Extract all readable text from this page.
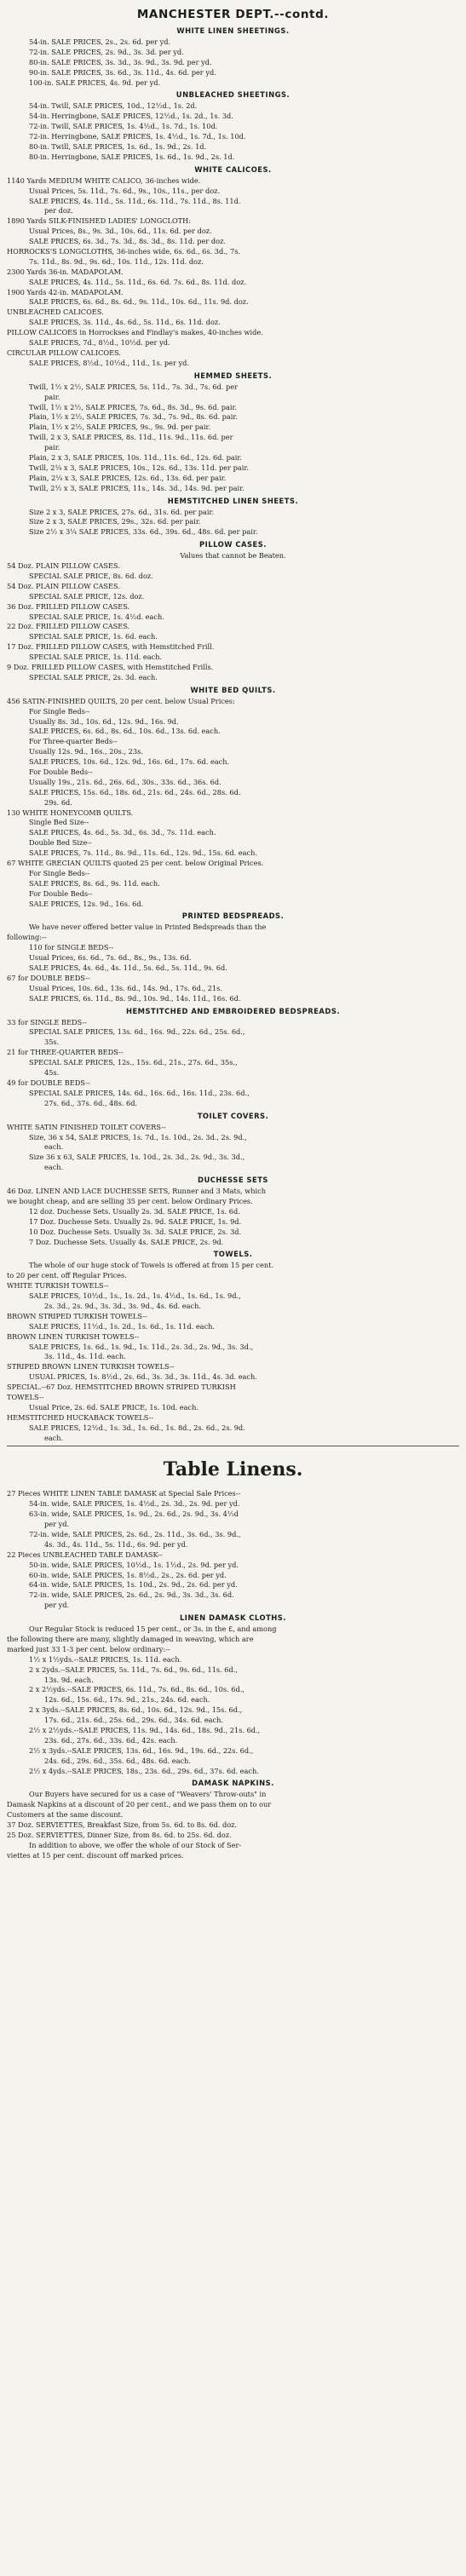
MANCHESTER DEPT.--contd.
WHITE LINEN SHEETINGS.
54-in. SALE PRICES, 2s., 2s. 6d. per yd.
72-in. SALE PRICES, 2s. 9d., 3s. 3d. per yd.
80-in. SALE PRICES, 3s. 3d., 3s. 9d., 3s. 9d. per yd.
90-in. SALE PRICES, 3s. 6d., 3s. 11d., 4s. 6d. per yd.
100-in. SALE PRICES, 4s. 9d. per yd.
UNBLEACHED SHEETINGS.
54-in. Twill, SALE PRICES, 10d., 12½d., 1s. 2d.
54-in. Herringbone, SALE PRICES, 12½d., 1s. 2d., 1s. 3d.
72-in. Twill, SALE PRICES, 1s. 4½d., 1s. 7d., 1s. 10d.
72-in. Herringbone, SALE PRICES, 1s. 4½d., 1s. 7d., 1s. 10d.
80-in. Twill, SALE PRICES, 1s. 6d., 1s. 9d., 2s. 1d.
80-in. Herringbone, SALE PRICES, 1s. 6d., 1s. 9d., 2s. 1d.
WHITE CALICOES.
1140 Yards MEDIUM WHITE CALICO, 36-inches wide.
Usual Prices, 5s. 11d., 7s. 6d., 9s., 10s., 11s., per doz.
SALE PRICES, 4s. 11d., 5s. 11d., 6s. 11d., 7s. 11d., 8s. 11d.
per doz.
1890 Yards SILK-FINISHED LADIES' LONGCLOTH:
Usual Prices, 8s., 9s. 3d., 10s. 6d., 11s. 6d. per doz.
SALE PRICES, 6s. 3d., 7s. 3d., 8s. 3d., 8s. 11d. per doz.
HORROCKS'S LONGCLOTHS, 36-inches wide, 6s. 6d., 6s. 3d., 7s.
7s. 11d., 8s. 9d., 9s. 6d., 10s. 11d., 12s. 11d. doz.
2300 Yards 36-in. MADAPOLAM.
SALE PRICES, 4s. 11d., 5s. 11d., 6s. 6d. 7s. 6d., 8s. 11d. doz.
1900 Yards 42-in. MADAPOLAM.
SALE PRICES, 6s. 6d., 8s. 6d., 9s. 11d., 10s. 6d., 11s. 9d. doz.
UNBLEACHED CALICOES.
SALE PRICES, 3s. 11d., 4s. 6d., 5s. 11d., 6s. 11d. doz.
PILLOW CALICOES in Horrockses and Findlay's makes, 40-inches wide.
SALE PRICES, 7d., 8½d., 10½d. per yd.
CIRCULAR PILLOW CALICOES.
SALE PRICES, 8½d., 10½d., 11d., 1s. per yd.
HEMMED SHEETS.
Twill, 1½ x 2½, SALE PRICES, 5s. 11d., 7s. 3d., 7s. 6d. per
pair.
Twill, 1½ x 2½, SALE PRICES, 7s. 6d., 8s. 3d., 9s. 6d. pair.
Plain, 1½ x 2½, SALE PRICES, 7s. 3d., 7s. 9d., 8s. 6d. pair.
Plain, 1½ x 2½, SALE PRICES, 9s., 9s. 9d. per pair.
Twill, 2 x 3, SALE PRICES, 8s. 11d., 11s. 9d., 11s. 6d. per
pair.
Plain, 2 x 3, SALE PRICES, 10s. 11d., 11s. 6d., 12s. 6d. pair.
Twill, 2¼ x 3, SALE PRICES, 10s., 12s. 6d., 13s. 11d. per pair.
Plain, 2¼ x 3, SALE PRICES, 12s. 6d., 13s. 6d. per pair.
Twill, 2½ x 3, SALE PRICES, 11s., 14s. 3d., 14s. 9d. per pair.
HEMSTITCHED LINEN SHEETS.
Size 2 x 3, SALE PRICES, 27s. 6d., 31s. 6d. per pair.
Size 2 x 3, SALE PRICES, 29s., 32s. 6d. per pair.
Size 2½ x 3¼ SALE PRICES, 33s. 6d., 39s. 6d., 48s. 6d. per pair.
PILLOW CASES.
Values that cannot be Beaten.
54 Doz. PLAIN PILLOW CASES.
SPECIAL SALE PRICE, 8s. 6d. doz.
54 Doz. PLAIN PILLOW CASES.
SPECIAL SALE PRICE, 12s. doz.
36 Doz. FRILLED PILLOW CASES.
SPECIAL SALE PRICE, 1s. 4½d. each.
22 Doz. FRILLED PILLOW CASES.
SPECIAL SALE PRICE, 1s. 6d. each.
17 Doz. FRILLED PILLOW CASES, with Hemstitched Frill.
SPECIAL SALE PRICE, 1s. 11d. each.
9 Doz. FRILLED PILLOW CASES, with Hemstitched Frills.
SPECIAL SALE PRICE, 2s. 3d. each.
WHITE BED QUILTS.
456 SATIN-FINISHED QUILTS, 20 per cent. below Usual Prices:
For Single Beds--
Usually 8s. 3d., 10s. 6d., 12s. 9d., 16s. 9d.
SALE PRICES, 6s. 6d., 8s. 6d., 10s. 6d., 13s. 6d. each.
For Three-quarter Beds--
Usually 12s. 9d., 16s., 20s., 23s.
SALE PRICES, 10s. 6d., 12s. 9d., 16s. 6d., 17s. 6d. each.
For Double Beds--
Usually 19s., 21s. 6d., 26s. 6d., 30s., 33s. 6d., 36s. 6d.
SALE PRICES, 15s. 6d., 18s. 6d., 21s. 6d., 24s. 6d., 28s. 6d.
29s. 6d.
130 WHITE HONEYCOMB QUILTS.
Single Bed Size--
SALE PRICES, 4s. 6d., 5s. 3d., 6s. 3d., 7s. 11d. each.
Double Bed Size--
SALE PRICES, 7s. 11d., 8s. 9d., 11s. 6d., 12s. 9d., 15s. 6d. each.
67 WHITE GRECIAN QUILTS quoted 25 per cent. below Original Prices.
For Single Beds--
SALE PRICES, 8s. 6d., 9s. 11d. each.
For Double Beds--
SALE PRICES, 12s. 9d., 16s. 6d.
PRINTED BEDSPREADS.
We have never offered better value in Printed Bedspreads than the
following:--
110 for SINGLE BEDS--
Usual Prices, 6s. 6d., 7s. 6d., 8s., 9s., 13s. 6d.
SALE PRICES, 4s. 6d., 4s. 11d., 5s. 6d., 5s. 11d., 9s. 6d.
67 for DOUBLE BEDS--
Usual Prices, 10s. 6d., 13s. 6d., 14s. 9d., 17s. 6d., 21s.
SALE PRICES, 6s. 11d., 8s. 9d., 10s. 9d., 14s. 11d., 16s. 6d.
HEMSTITCHED AND EMBROIDERED BEDSPREADS.
33 for SINGLE BEDS--
SPECIAL SALE PRICES, 13s. 6d., 16s. 9d., 22s. 6d., 25s. 6d.,
35s.
21 for THREE-QUARTER BEDS--
SPECIAL SALE PRICES, 12s., 15s. 6d., 21s., 27s. 6d., 35s.,
45s.
49 for DOUBLE BEDS--
SPECIAL SALE PRICES, 14s. 6d., 16s. 6d., 16s. 11d., 23s. 6d.,
27s. 6d., 37s. 6d., 48s. 6d.
TOILET COVERS.
WHITE SATIN FINISHED TOILET COVERS--
Size, 36 x 54, SALE PRICES, 1s. 7d., 1s. 10d., 2s. 3d., 2s. 9d.,
each.
Size 36 x 63, SALE PRICES, 1s. 10d., 2s. 3d., 2s. 9d., 3s. 3d.,
each.
DUCHESSE SETS
46 Doz. LINEN AND LACE DUCHESSE SETS, Runner and 3 Mats, which
we bought cheap, and are selling 35 per cent. below Ordinary Prices.
12 doz. Duchesse Sets. Usually 2s. 3d. SALE PRICE, 1s. 6d.
17 Doz. Duchesse Sets. Usually 2s. 9d. SALE PRICE, 1s. 9d.
10 Doz. Duchesse Sets. Usually 3s. 3d. SALE PRICE, 2s. 3d.
7 Doz. Duchesse Sets. Usually 4s. SALE PRICE, 2s. 9d.
TOWELS.
The whole of our huge stock of Towels is offered at from 15 per cent.
to 20 per cent. off Regular Prices.
WHITE TURKISH TOWELS--
SALE PRICES, 10½d., 1s., 1s. 2d., 1s. 4½d., 1s. 6d., 1s. 9d.,
2s. 3d., 2s. 9d., 3s. 3d., 3s. 9d., 4s. 6d. each.
BROWN STRIPED TURKISH TOWELS--
SALE PRICES, 11½d., 1s. 2d., 1s. 6d., 1s. 11d. each.
BROWN LINEN TURKISH TOWELS--
SALE PRICES, 1s. 6d., 1s. 9d., 1s. 11d., 2s. 3d., 2s. 9d., 3s. 3d.,
3s. 11d., 4s. 11d. each.
STRIPED BROWN LINEN TURKISH TOWELS--
USUAL PRICES, 1s. 8½d., 2s. 6d., 3s. 3d., 3s. 11d., 4s. 3d. each.
SPECIAL.--67 Doz. HEMSTITCHED BROWN STRIPED TURKISH
TOWELS--
Usual Price, 2s. 6d. SALE PRICE, 1s. 10d. each.
HEMSTITCHED HUCKABACK TOWELS--
SALE PRICES, 12½d., 1s. 3d., 1s. 6d., 1s. 8d., 2s. 6d., 2s. 9d.
each.
Table Linens.
27 Pieces WHITE LINEN TABLE DAMASK at Special Sale Prices--
54-in. wide, SALE PRICES, 1s. 4½d., 2s. 3d., 2s. 9d. per yd.
63-in. wide, SALE PRICES, 1s. 9d., 2s. 6d., 2s. 9d., 3s. 4½d
per yd.
72-in. wide, SALE PRICES, 2s. 6d., 2s. 11d., 3s. 6d., 3s. 9d.,
4s. 3d., 4s. 11d., 5s. 11d., 6s. 9d. per yd.
22 Pieces UNBLEACHED TABLE DAMASK--
50-in. wide, SALE PRICES, 10½d., 1s. 1½d., 2s. 9d. per yd.
60-in. wide, SALE PRICES, 1s. 8½d., 2s., 2s. 6d. per yd.
64-in. wide, SALE PRICES, 1s. 10d., 2s. 9d., 2s. 6d. per yd.
72-in. wide, SALE PRICES, 2s. 6d., 2s. 9d., 3s. 3d., 3s. 6d.
per yd.
LINEN DAMASK CLOTHS.
Our Regular Stock is reduced 15 per cent., or 3s. in the £, and among
the following there are many, slightly damaged in weaving, which are
marked just 33 1-3 per cent. below ordinary:--
1½ x 1½yds.--SALE PRICES, 1s. 11d. each.
2 x 2yds.--SALE PRICES, 5s. 11d., 7s. 6d., 9s. 6d., 11s. 6d.,
13s. 9d. each.
2 x 2½yds.--SALE PRICES, 6s. 11d., 7s. 6d., 8s. 6d., 10s. 6d.,
12s. 6d., 15s. 6d., 17s. 9d., 21s., 24s. 6d. each.
2 x 3yds.--SALE PRICES, 8s. 6d., 10s. 6d., 12s. 9d., 15s. 6d.,
17s. 6d., 21s. 6d., 25s. 6d., 29s. 6d., 34s. 6d. each.
2½ x 2½yds.--SALE PRICES, 11s. 9d., 14s. 6d., 18s. 9d., 21s. 6d.,
23s. 6d., 27s. 6d., 33s. 6d., 42s. each.
2½ x 3yds.--SALE PRICES, 13s. 6d., 16s. 9d., 19s. 6d., 22s. 6d.,
24s. 6d., 29s. 6d., 35s. 6d., 48s. 6d. each.
2½ x 4yds.--SALE PRICES, 18s., 23s. 6d., 29s. 6d., 37s. 6d. each.
DAMASK NAPKINS.
Our Buyers have secured for us a case of "Weavers' Throw-outs" in
Damask Napkins at a discount of 20 per cent., and we pass them on to our
Customers at the same discount.
37 Doz. SERVIETTES, Breakfast Size, from 5s. 6d. to 8s. 6d. doz.
25 Doz. SERVIETTES, Dinner Size, from 8s. 6d. to 25s. 6d. doz.
In addition to above, we offer the whole of our Stock of Ser-
viettes at 15 per cent. discount off marked prices.
